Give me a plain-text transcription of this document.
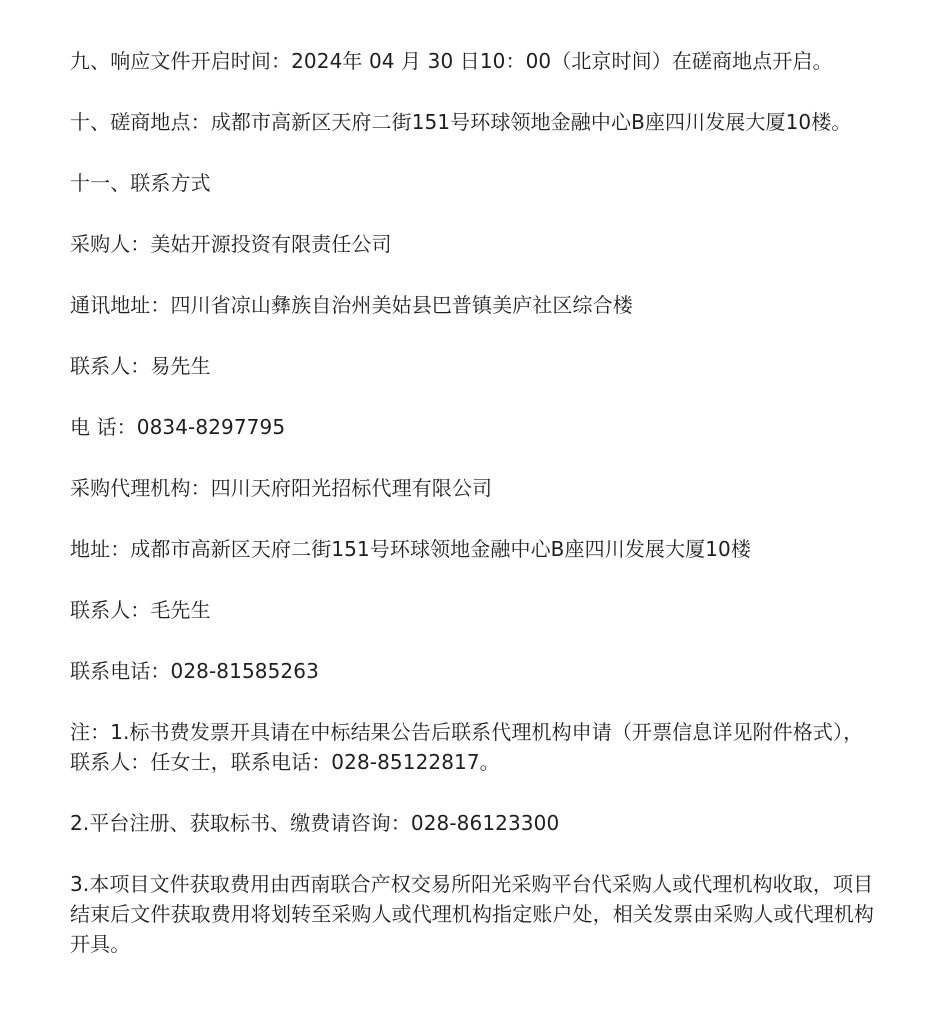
九、响应文件开启时间：2024年 04 月 30 日10：00（北京时间）在磋商地点开启。

十、磋商地点：成都市高新区天府二街151号环球领地金融中心B座四川发展大厦10楼。

十一、联系方式

采购人：美姑开源投资有限责任公司

通讯地址：四川省凉山彝族自治州美姑县巴普镇美庐社区综合楼

联系人：易先生

电 话：0834-8297795

采购代理机构：四川天府阳光招标代理有限公司

地址：成都市高新区天府二街151号环球领地金融中心B座四川发展大厦10楼

联系人：毛先生

联系电话：028-81585263

注：1.标书费发票开具请在中标结果公告后联系代理机构申请（开票信息详见附件格式），联系人：任女士，联系电话：028-85122817。

2.平台注册、获取标书、缴费请咨询：028-86123300

3.本项目文件获取费用由西南联合产权交易所阳光采购平台代采购人或代理机构收取，项目结束后文件获取费用将划转至采购人或代理机构指定账户处，相关发票由采购人或代理机构开具。
